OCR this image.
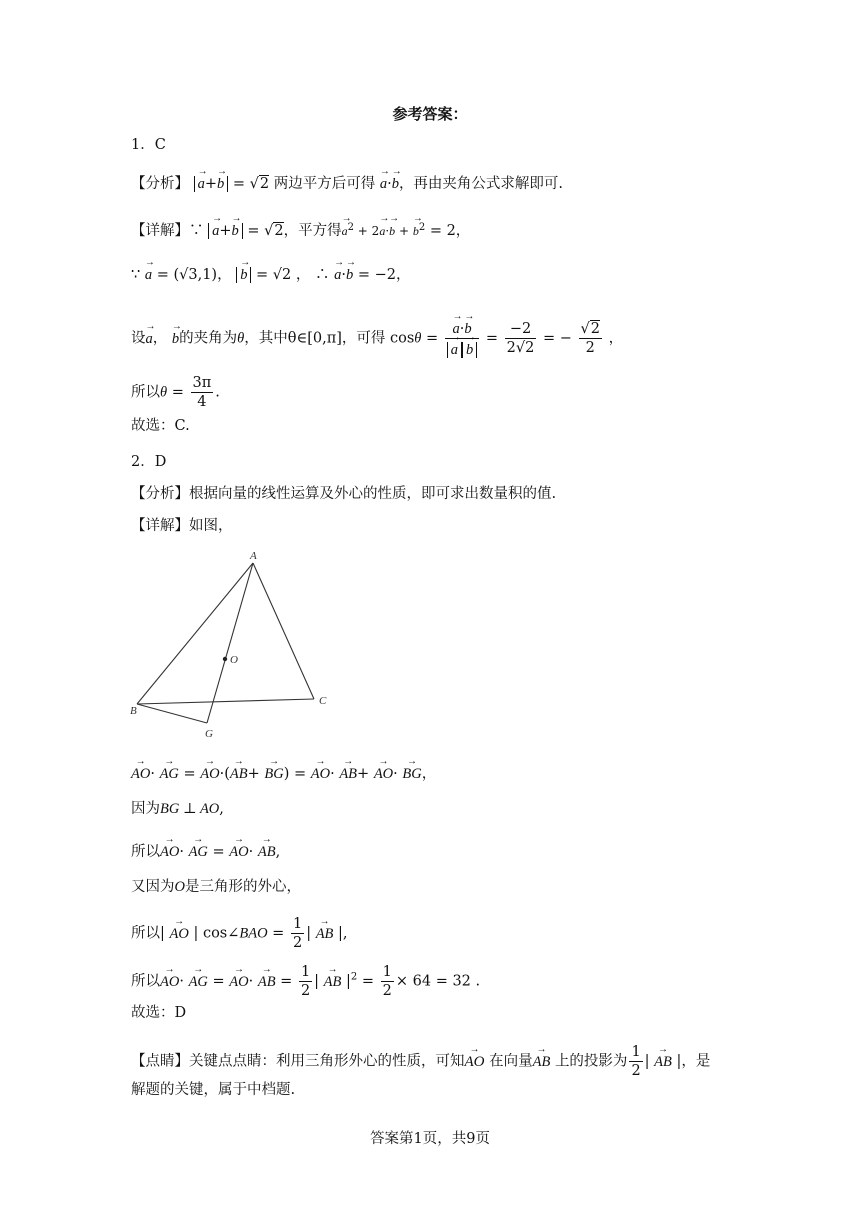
参考答案：
1．C
【分析】 → a+→ b = √2 两边平方后可得 → a·→ b，再由夹角公式求解即可.
【详解】∵ → a+→ b = √2，平方得→ $a^2 + 2\to a\cdot\to b$ + → $b^2 = 2$，
∵ → a = (√3,1)， → b = √2 ， ∴ → a·→ b = −2，
设→ a， → b的夹角为θ，其中θ∈[0,π]，可得 cosθ = → a·→ b
→ $a \to b = \frac{-2}{2√2}$ = − $\frac{√2}{2}$ ，
所以$\theta = \frac{3\pi}{4}$ .
故选：C.
2．D
【分析】根据向量的线性运算及外心的性质，即可求出数量积的值.
【详解】如图，
A
O
B
C
G
→ AO· → AG = → AO·(→ AB+ → BG) = → AO· → AB+ → AO· → BG，
因为BG ⊥ AO,
所以→ AO· → AG = → AO· → AB,
又因为O是三角形的外心，
所以| → AO | cos∠BAO = $\frac{1}{2}$ | → AB |,
所以→ AO· → AG = → AO· → AB = $\frac{1}{2}$ | → AB $|^2 = \frac{1}{2} \times 64 = 32$ .
故选：D
【点睛】关键点点睛：利用三角形外心的性质，可知→ AO 在向量→ AB 上的投影为 $\frac{1}{2}$ | → AB |，是
解题的关键，属于中档题.
答案第1页，共9页
